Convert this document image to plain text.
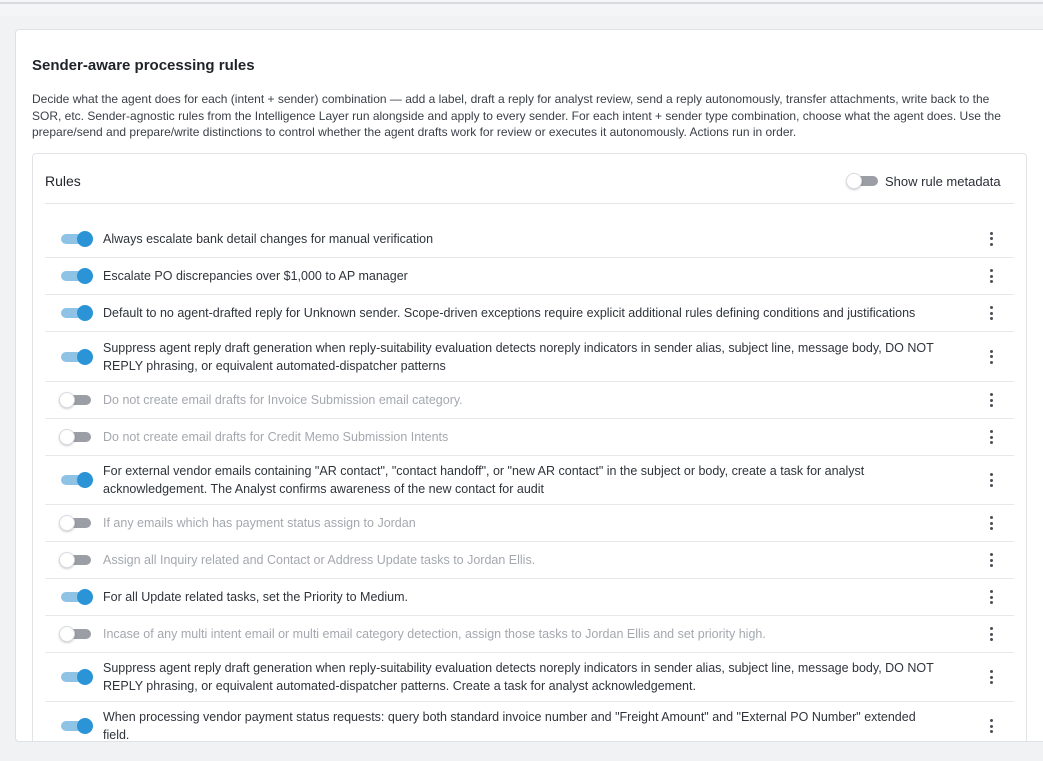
Sender-aware processing rules
Decide what the agent does for each (intent + sender) combination — add a label, draft a reply for analyst review, send a reply autonomously, transfer attachments, write back to the SOR, etc. Sender-agnostic rules from the Intelligence Layer run alongside and apply to every sender. For each intent + sender type combination, choose what the agent does. Use the prepare/send and prepare/write distinctions to control whether the agent drafts work for review or executes it autonomously. Actions run in order.
Rules	Show rule metadata
Always escalate bank detail changes for manual verification
Escalate PO discrepancies over $1,000 to AP manager
Default to no agent-drafted reply for Unknown sender. Scope-driven exceptions require explicit additional rules defining conditions and justifications
Suppress agent reply draft generation when reply-suitability evaluation detects noreply indicators in sender alias, subject line, message body, DO NOT REPLY phrasing, or equivalent automated-dispatcher patterns
Do not create email drafts for Invoice Submission email category.
Do not create email drafts for Credit Memo Submission Intents
For external vendor emails containing "AR contact", "contact handoff", or "new AR contact" in the subject or body, create a task for analyst acknowledgement. The Analyst confirms awareness of the new contact for audit
If any emails which has payment status assign to Jordan
Assign all Inquiry related and Contact or Address Update tasks to Jordan Ellis.
For all Update related tasks, set the Priority to Medium.
Incase of any multi intent email or multi email category detection, assign those tasks to Jordan Ellis and set priority high.
Suppress agent reply draft generation when reply-suitability evaluation detects noreply indicators in sender alias, subject line, message body, DO NOT REPLY phrasing, or equivalent automated-dispatcher patterns. Create a task for analyst acknowledgement.
When processing vendor payment status requests: query both standard invoice number and "Freight Amount" and "External PO Number" extended field.
